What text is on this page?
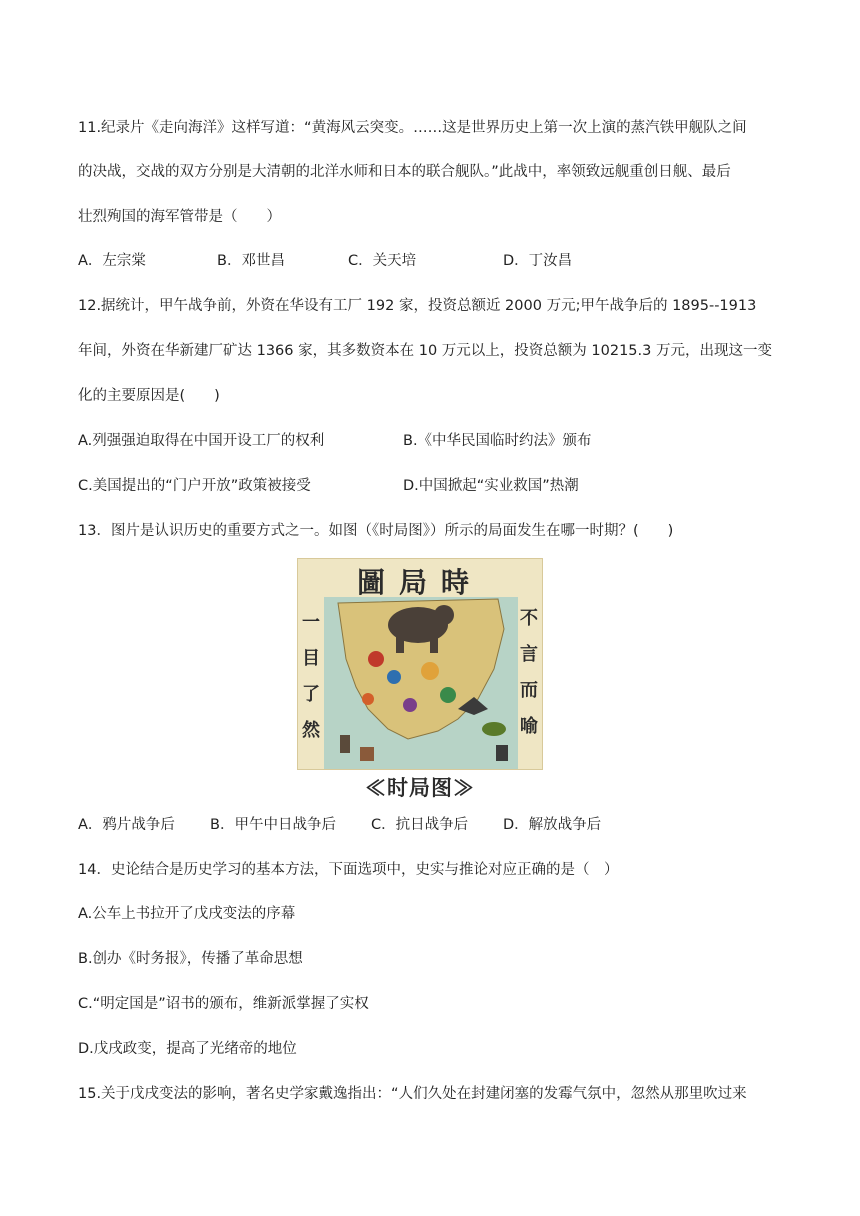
11.纪录片《走向海洋》这样写道：“黄海风云突变。……这是世界历史上第一次上演的蒸汽铁甲舰队之间
的决战，交战的双方分别是大清朝的北洋水师和日本的联合舰队。”此战中，率领致远舰重创日舰、最后
壮烈殉国的海军管带是（　　）
A．左宗棠	B．邓世昌	C．关天培	D．丁汝昌
12.据统计，甲午战争前，外资在华设有工厂 192 家，投资总额近 2000 万元;甲午战争后的 1895--1913
年间，外资在华新建厂矿达 1366 家，其多数资本在 10 万元以上，投资总额为 10215.3 万元，出现这一变
化的主要原因是(　　)
A.列强强迫取得在中国开设工厂的权利	B.《中华民国临时约法》颁布
C.美国提出的“门户开放”政策被接受	D.中国掀起“实业救国”热潮
13．图片是认识历史的重要方式之一。如图（《时局图》）所示的局面发生在哪一时期？(　　)
圖局時
一
目
了
然
不
言
而
喻
≪时局图≫
A．鸦片战争后 B．甲午中日战争后 C．抗日战争后 D．解放战争后
14．史论结合是历史学习的基本方法，下面选项中，史实与推论对应正确的是（　）
A.公车上书拉开了戊戌变法的序幕
B.创办《时务报》，传播了革命思想
C.“明定国是”诏书的颁布，维新派掌握了实权
D.戊戌政变，提高了光绪帝的地位
15.关于戊戌变法的影响，著名史学家戴逸指出：“人们久处在封建闭塞的发霉气氛中，忽然从那里吹过来
